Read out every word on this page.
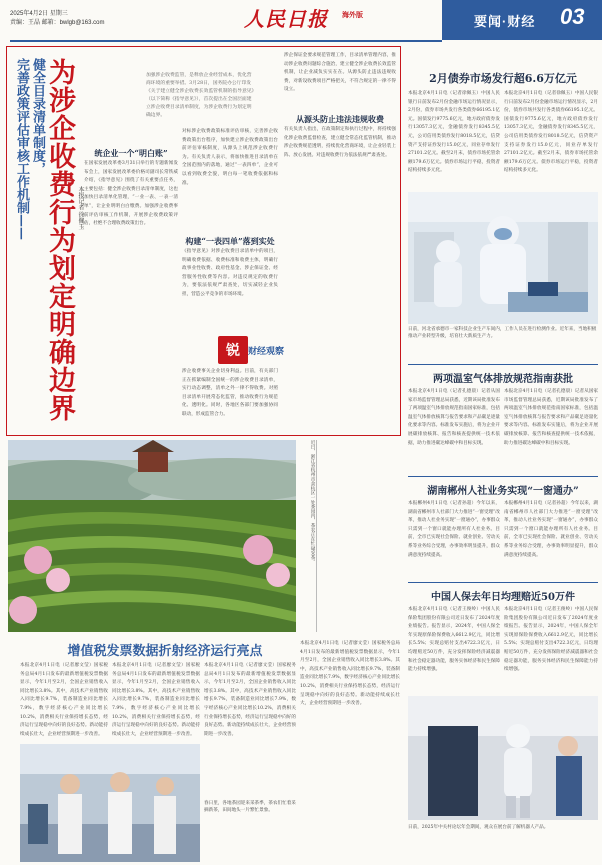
2025年4月2日 星期三
责编：王晶 邮箱：bwlgb@163.com	人民日报 海外版	要闻·财经 03
健全目录清单制度，
完善政策评估审核工作机制—— 为涉企收费行为划定明确边界 本报记者 徐佩玉
加强涉企收费监管，是释放企业经营成本，优化营商环境的重要举措。3月28日，国务院办公厅印发《关于建立健全涉企收费长效监管机制的指导意见》（以下简称《指导意见》），首次提出在全国层面建立涉企收费目录清单制度，为涉企收费行为划定明确边界。
统企业一个“明白账”
在国家发展改革委3月31日举行的专题新闻发布会上，国家发展改革委价格司副司长常铁威介绍，《指导意见》围绕了有关重要点任务，主要包括：健全涉企收费目录清单制度，这也加快目录清单化管理，“一业一表、一表一清单”，让企业明明白白缴费。加强涉企收费事前评估审核工作机制，开展涉企收费政策评估，杜绝不合理收费政策出台。
对标涉企收费政策标准评估审核，完善涉企收费政策出台程序，加快建立涉企收费政策出台前评估审核制度，从源头上规范涉企收费行为。有关负责人表示，将加快推进目录清单在全国范围内的落地，通过“一表四单”，企业可以看到收费全貌，明白每一笔收费依据和标准。
构建“一表四单”落到实处
《指导意见》对涉企收费目录清单中的项目，明确收费依据、收费标准和收费主体，明确行政事业性收费、政府性基金、涉企保证金、经营服务性收费等内容。对违反规定的收费行为，要依法依规严肃查处，切实减轻企业负担，营造公平竞争的市场环境。
锐 财经观察
涉企收费事关企业切身利益。目前，有关部门正在抓紧编制全国统一的涉企收费目录清单，实行动态调整，清单之外一律不得收费。对照目录清单开展常态化监管，推动收费行为规范化、透明化。同时，各地区各部门要加强协同联动，形成监管合力。
涉企保证金要求规范管理工作，目录清单管理内容，推动涉企收费问题综合施治，建立健全涉企收费长效监管机制，让企业减负实实在在。从源头防止违法违规收费，对新设收费项目严格把关，不符合规定的一律不得设立。
从源头防止违法违规收费
有关负责人指出，在政策制定和执行过程中，将持续强化涉企收费监督检查，建立健全常态化监管机制，推动涉企收费规范透明，持续优化营商环境，让企业轻装上阵、放心发展。对违规收费行为依法依规严肃查处。
近日，浙江省杭州市余杭区一处茶园内，茶农正在忙碌采茶。
2月债券市场发行超6.6万亿元
本报北京4月1日电（记者徐佩玉）中国人民银行日前发布2月份金融市场运行情况显示，2月份，债券市场共发行各类债券66195.1亿元。国债发行9775.6亿元，地方政府债券发行13057.3亿元，金融债券发行8345.5亿元，公司信用类债券发行8018.5亿元，信贷资产支持证券发行15.0亿元，同业存单发行27101.2亿元。截至2月末，债券市场托管余额179.6万亿元。债券市场运行平稳，投资者结构持续多元化。
本报北京4月1日电（记者徐佩玉）中国人民银行日前发布2月份金融市场运行情况显示，2月份，债券市场共发行各类债券66195.1亿元。国债发行9775.6亿元，地方政府债券发行13057.3亿元，金融债券发行8345.5亿元，公司信用类债券发行8018.5亿元，信贷资产支持证券发行15.0亿元，同业存单发行27101.2亿元。截至2月末，债券市场托管余额179.6万亿元。债券市场运行平稳，投资者结构持续多元化。
日前，河北省承德市一家科技企业生产车间内，工作人员在进行检测作业。近年来，当地积极推动产业转型升级，培育壮大新质生产力。
两项温室气体排放规范指南获批
本报北京4月1日电（记者孔德晨）记者从国家市场监督管理总局获悉，近期该局批准发布了两项温室气体排放规范指南国家标准，包括温室气体排放核算与报告要求和产品碳足迹量化要求等内容。标准发布实施后，将为企业开展碳排放核算、报告和核查提供统一技术依据，助力推进碳达峰碳中和目标实现。
本报北京4月1日电（记者孔德晨）记者从国家市场监督管理总局获悉，近期该局批准发布了两项温室气体排放规范指南国家标准，包括温室气体排放核算与报告要求和产品碳足迹量化要求等内容。标准发布实施后，将为企业开展碳排放核算、报告和核查提供统一技术依据，助力推进碳达峰碳中和目标实现。
湖南郴州人社业务实现“一窗通办”
本报郴州4月1日电（记者孙超）今年以来，湖南省郴州市人社部门大力推进“一窗受理”改革，推动人社业务实现“一窗通办”，办事群众只需到一个窗口就能办理所有人社业务。目前，全市已实现社会保险、就业创业、劳动关系等业务综合受理，办事效率明显提升，群众满意度持续提高。
本报郴州4月1日电（记者孙超）今年以来，湖南省郴州市人社部门大力推进“一窗受理”改革，推动人社业务实现“一窗通办”，办事群众只需到一个窗口就能办理所有人社业务。目前，全市已实现社会保险、就业创业、劳动关系等业务综合受理，办事效率明显提升，群众满意度持续提高。
中国人保去年日均理赔近50万件
本报北京4月1日电（记者王俊岭）中国人民保险集团股份有限公司近日发布了2024年度业绩报告。报告显示，2024年，中国人保全年实现原保险保费收入6612.9亿元，同比增长5.5%；实现总赔付支出4722.3亿元，日均理赔近50万件，充分发挥保险经济减震器和社会稳定器功能，服务实体经济和民生保障能力持续增强。
本报北京4月1日电（记者王俊岭）中国人民保险集团股份有限公司近日发布了2024年度业绩报告。报告显示，2024年，中国人保全年实现原保险保费收入6612.9亿元，同比增长5.5%；实现总赔付支出4722.3亿元，日均理赔近50万件，充分发挥保险经济减震器和社会稳定器功能，服务实体经济和民生保障能力持续增强。
日前，2025年中关村论坛年会期间，观众在展台前了解机器人产品。
增值税发票数据折射经济运行亮点
本报北京4月1日电（记者廖文莹）国家税务总局4月1日发布的最新增值税发票数据显示，今年1月至2月，全国企业销售收入同比增长3.8%。其中，高技术产业销售收入同比增长9.7%，装备制造业同比增长7.9%，数字经济核心产业同比增长10.2%，消费相关行业保持增长态势，经济运行呈现稳中向好的良好态势。新动能持续成长壮大，企业经营预期进一步改善。
本报北京4月1日电（记者廖文莹）国家税务总局4月1日发布的最新增值税发票数据显示，今年1月至2月，全国企业销售收入同比增长3.8%。其中，高技术产业销售收入同比增长9.7%，装备制造业同比增长7.9%，数字经济核心产业同比增长10.2%，消费相关行业保持增长态势，经济运行呈现稳中向好的良好态势。新动能持续成长壮大，企业经营预期进一步改善。
本报北京4月1日电（记者廖文莹）国家税务总局4月1日发布的最新增值税发票数据显示，今年1月至2月，全国企业销售收入同比增长3.8%。其中，高技术产业销售收入同比增长9.7%，装备制造业同比增长7.9%，数字经济核心产业同比增长10.2%，消费相关行业保持增长态势，经济运行呈现稳中向好的良好态势。新动能持续成长壮大，企业经营预期进一步改善。
本报北京4月1日电（记者廖文莹）国家税务总局4月1日发布的最新增值税发票数据显示，今年1月至2月，全国企业销售收入同比增长3.8%。其中，高技术产业销售收入同比增长9.7%，装备制造业同比增长7.9%，数字经济核心产业同比增长10.2%，消费相关行业保持增长态势，经济运行呈现稳中向好的良好态势。新动能持续成长壮大，企业经营预期进一步改善。
春日里，各地茶园迎来采茶季，茶农们忙着采摘新茶，田间地头一片繁忙景象。
